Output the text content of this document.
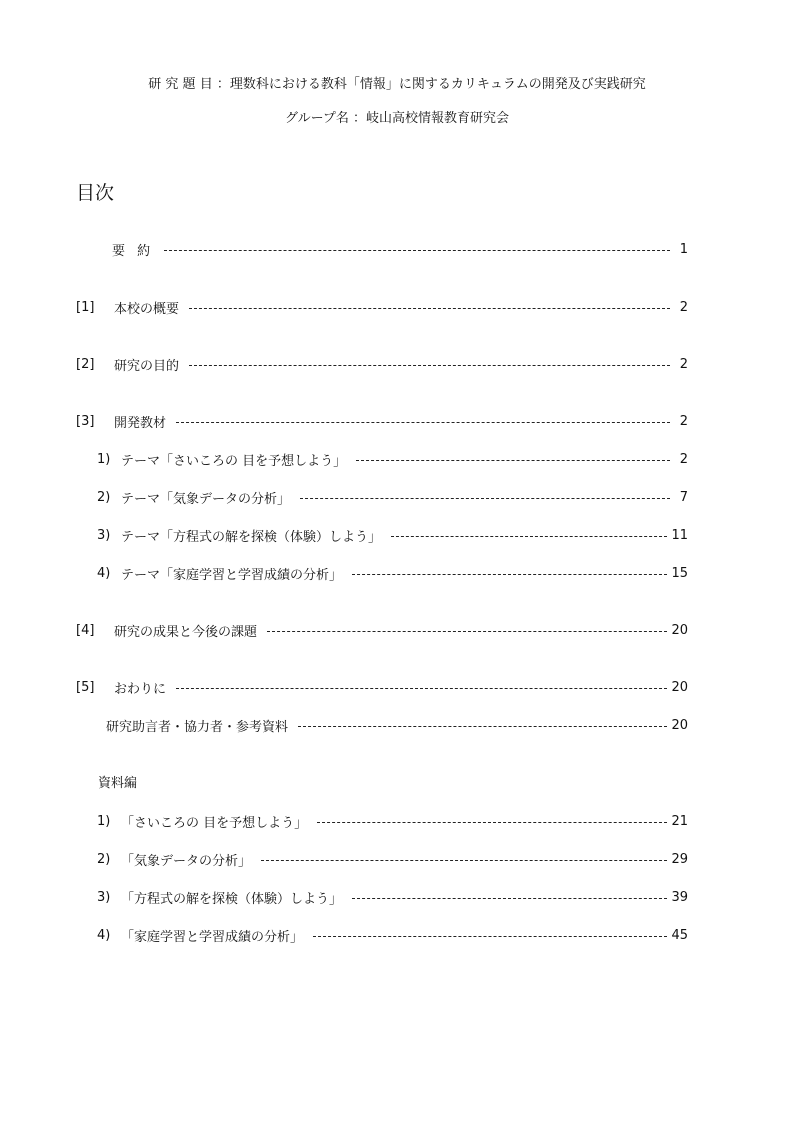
研 究 題 目 ：理数科における教科「情報」に関するカリキュラムの開発及び実践研究
グループ名 ：岐山高校情報教育研究会
目次
要 約	1
[1]	本校の概要	2
[2]	研究の目的	2
[3]	開発教材	2
1) テーマ「さいころの 目を予想しよう」	2
2) テーマ「気象データの分析」	7
3) テーマ「方程式の解を探検（体験）しよう」	11
4) テーマ「家庭学習と学習成績の分析」	15
[4]	研究の成果と今後の課題	20
[5]	おわりに	20
研究助言者・協力者・参考資料	20
資料編
1) 「さいころの 目を予想しよう」	21
2) 「気象データの分析」	29
3) 「方程式の解を探検（体験）しよう」	39
4) 「家庭学習と学習成績の分析」	45
